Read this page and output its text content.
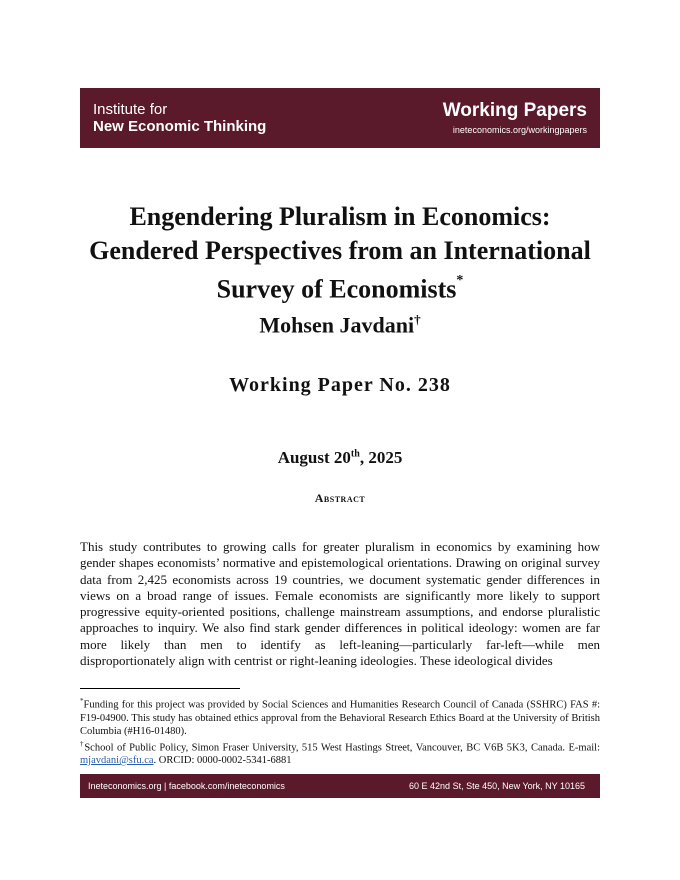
Institute for
New Economic Thinking
Working Papers
ineteconomics.org/workingpapers
Engendering Pluralism in Economics:
Gendered Perspectives from an International
Survey of Economists*
Mohsen Javdani†
Working Paper No. 238
August 20th, 2025
Abstract

This study contributes to growing calls for greater pluralism in economics by examining how gender shapes economists’ normative and epistemological orientations. Drawing on original survey data from 2,425 economists across 19 countries, we document systematic gender differences in views on a broad range of issues. Female economists are significantly more likely to support progressive equity-oriented positions, challenge mainstream assumptions, and endorse pluralistic approaches to inquiry. We also find stark gender differences in political ideology: women are far more likely than men to identify as left-leaning—particularly far-left—while men disproportionately align with centrist or right-leaning ideologies. These ideological divides

*Funding for this project was provided by Social Sciences and Humanities Research Council of Canada (SSHRC) FAS #: F19-04900. This study has obtained ethics approval from the Behavioral Research Ethics Board at the University of British Columbia (#H16-01480).

†School of Public Policy, Simon Fraser University, 515 West Hastings Street, Vancouver, BC V6B 5K3, Canada. E-mail: mjavdani@sfu.ca. ORCID: 0000-0002-5341-6881

Ineteconomics.org | facebook.com/ineteconomics	60 E 42nd St, Ste 450, New York, NY 10165
